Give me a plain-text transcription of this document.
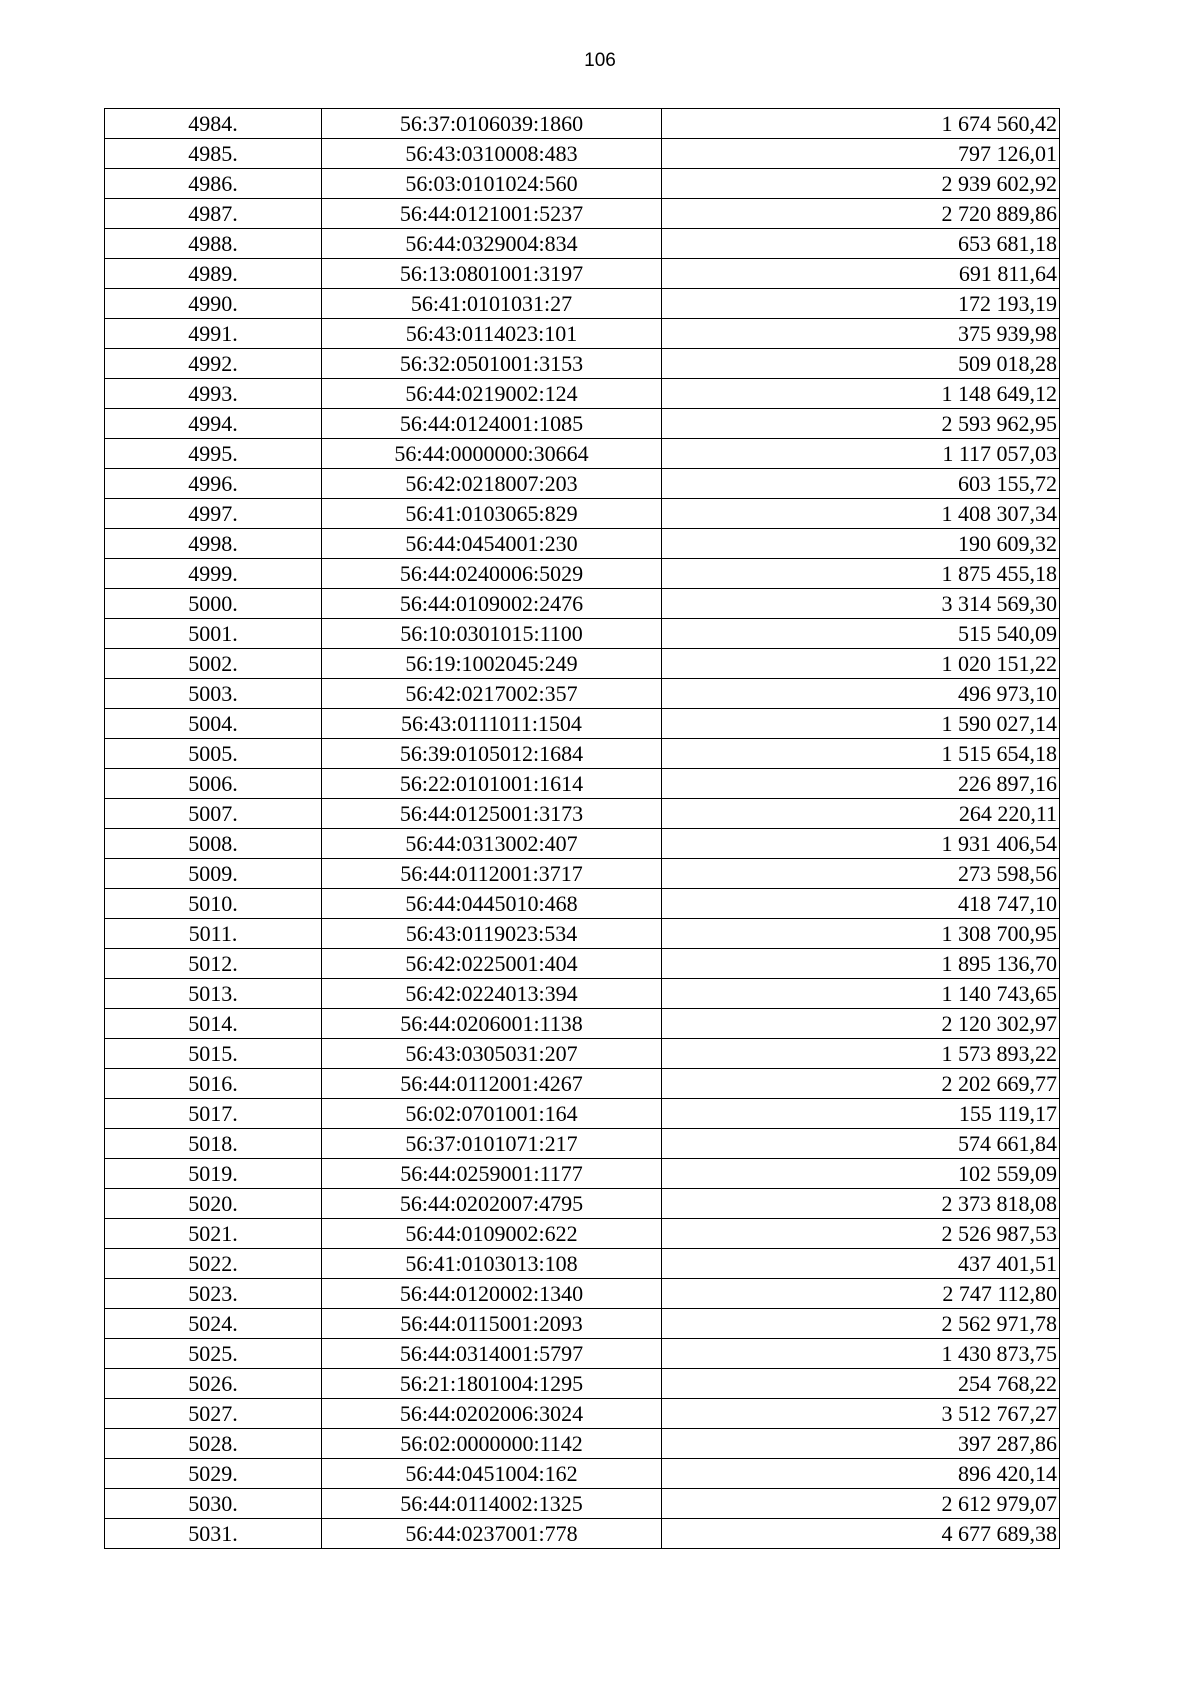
106
4984.	56:37:0106039:1860	1 674 560,42
4985.	56:43:0310008:483	797 126,01
4986.	56:03:0101024:560	2 939 602,92
4987.	56:44:0121001:5237	2 720 889,86
4988.	56:44:0329004:834	653 681,18
4989.	56:13:0801001:3197	691 811,64
4990.	56:41:0101031:27	172 193,19
4991.	56:43:0114023:101	375 939,98
4992.	56:32:0501001:3153	509 018,28
4993.	56:44:0219002:124	1 148 649,12
4994.	56:44:0124001:1085	2 593 962,95
4995.	56:44:0000000:30664	1 117 057,03
4996.	56:42:0218007:203	603 155,72
4997.	56:41:0103065:829	1 408 307,34
4998.	56:44:0454001:230	190 609,32
4999.	56:44:0240006:5029	1 875 455,18
5000.	56:44:0109002:2476	3 314 569,30
5001.	56:10:0301015:1100	515 540,09
5002.	56:19:1002045:249	1 020 151,22
5003.	56:42:0217002:357	496 973,10
5004.	56:43:0111011:1504	1 590 027,14
5005.	56:39:0105012:1684	1 515 654,18
5006.	56:22:0101001:1614	226 897,16
5007.	56:44:0125001:3173	264 220,11
5008.	56:44:0313002:407	1 931 406,54
5009.	56:44:0112001:3717	273 598,56
5010.	56:44:0445010:468	418 747,10
5011.	56:43:0119023:534	1 308 700,95
5012.	56:42:0225001:404	1 895 136,70
5013.	56:42:0224013:394	1 140 743,65
5014.	56:44:0206001:1138	2 120 302,97
5015.	56:43:0305031:207	1 573 893,22
5016.	56:44:0112001:4267	2 202 669,77
5017.	56:02:0701001:164	155 119,17
5018.	56:37:0101071:217	574 661,84
5019.	56:44:0259001:1177	102 559,09
5020.	56:44:0202007:4795	2 373 818,08
5021.	56:44:0109002:622	2 526 987,53
5022.	56:41:0103013:108	437 401,51
5023.	56:44:0120002:1340	2 747 112,80
5024.	56:44:0115001:2093	2 562 971,78
5025.	56:44:0314001:5797	1 430 873,75
5026.	56:21:1801004:1295	254 768,22
5027.	56:44:0202006:3024	3 512 767,27
5028.	56:02:0000000:1142	397 287,86
5029.	56:44:0451004:162	896 420,14
5030.	56:44:0114002:1325	2 612 979,07
5031.	56:44:0237001:778	4 677 689,38
